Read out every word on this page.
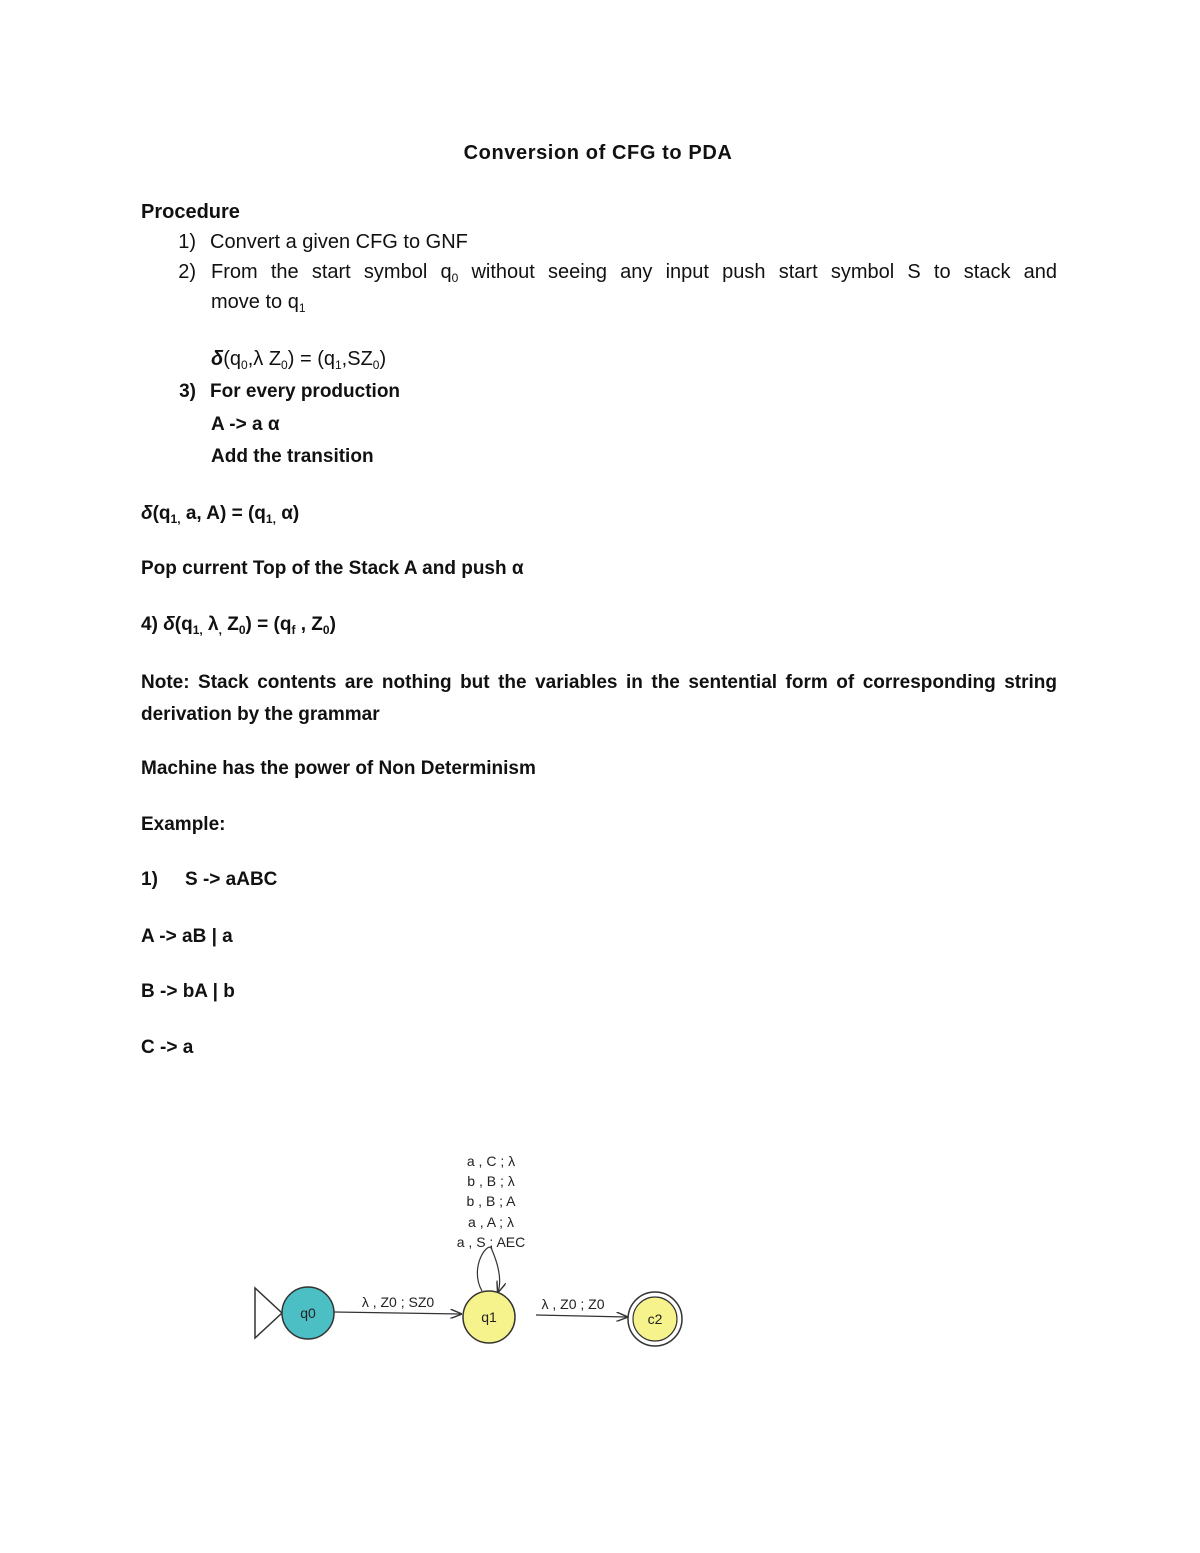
Conversion of CFG to PDA
Procedure
1) Convert a given CFG to GNF
2) From the start symbol $q_0$ without seeing any input push start symbol S to stack and
move to $q_1$
$\delta(q_0,\lambda$ $Z_0) = (q_1,SZ_0)$
3) For every production
A -> a α
Add the transition
$\delta(q_{1,}$ a, $A) = (q_{1,}$ α)
Pop current Top of the Stack A and push α
4) $\delta(q_{1,}$ $\lambda_,$ $Z_0) = (q_f$ , $Z_0$)
Note: Stack contents are nothing but the variables in the sentential form of corresponding string derivation by the grammar
Machine has the power of Non Determinism
Example:
1) S -> aABC
A -> aB | a
B -> bA | b
C -> a
q0
λ , Z0 ; SZ0
q1
a , C ; λ
b , B ; λ
b , B ; A
a , A ; λ
a , S ; AEC
λ , Z0 ; Z0
c2
